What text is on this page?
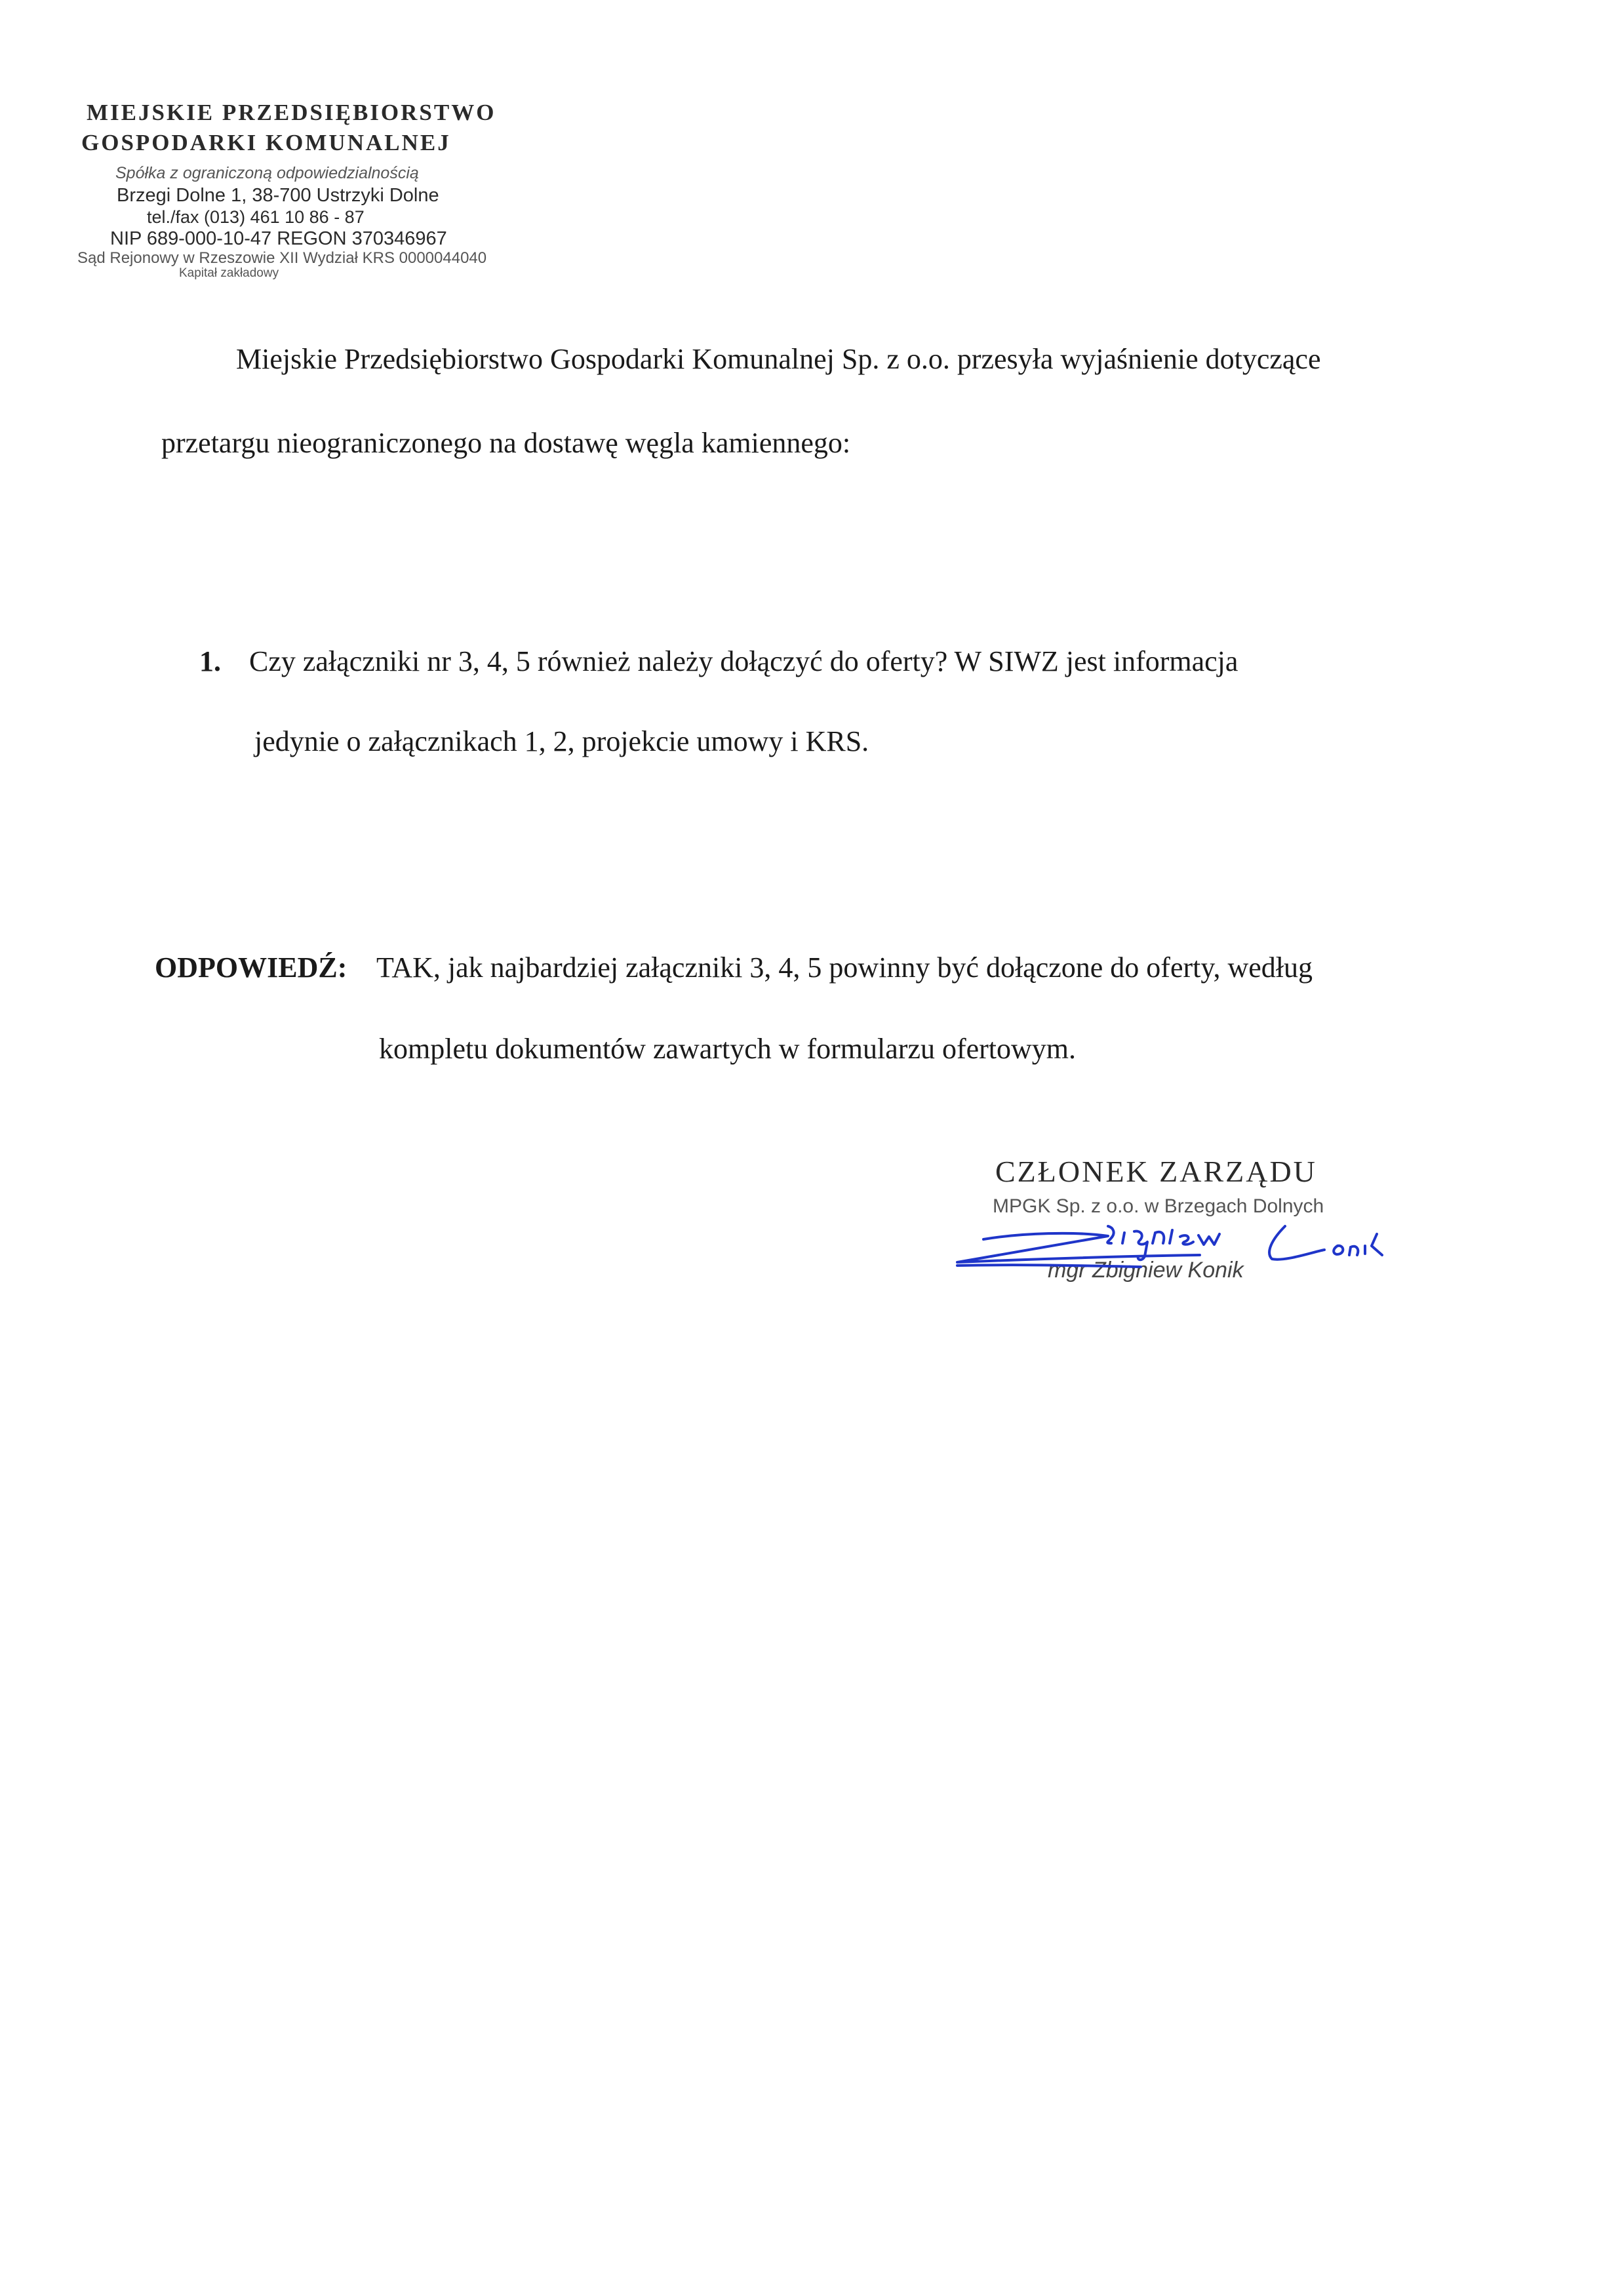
MIEJSKIE PRZEDSIĘBIORSTWO
GOSPODARKI KOMUNALNEJ
Spółka z ograniczoną odpowiedzialnością
Brzegi Dolne 1, 38-700 Ustrzyki Dolne
tel./fax (013) 461 10 86 - 87
NIP 689-000-10-47 REGON 370346967
Sąd Rejonowy w Rzeszowie XII Wydział KRS 0000044040
Kapitał zakładowy
Miejskie Przedsiębiorstwo Gospodarki Komunalnej Sp. z o.o. przesyła wyjaśnienie dotyczące
przetargu nieograniczonego na dostawę węgla kamiennego:
1. Czy załączniki nr 3, 4, 5 również należy dołączyć do oferty? W SIWZ jest informacja
jedynie o załącznikach 1, 2, projekcie umowy i KRS.
ODPOWIEDŹ: TAK, jak najbardziej załączniki 3, 4, 5 powinny być dołączone do oferty, według
kompletu dokumentów zawartych w formularzu ofertowym.
CZŁONEK ZARZĄDU
MPGK Sp. z o.o. w Brzegach Dolnych
mgr Zbigniew Konik
